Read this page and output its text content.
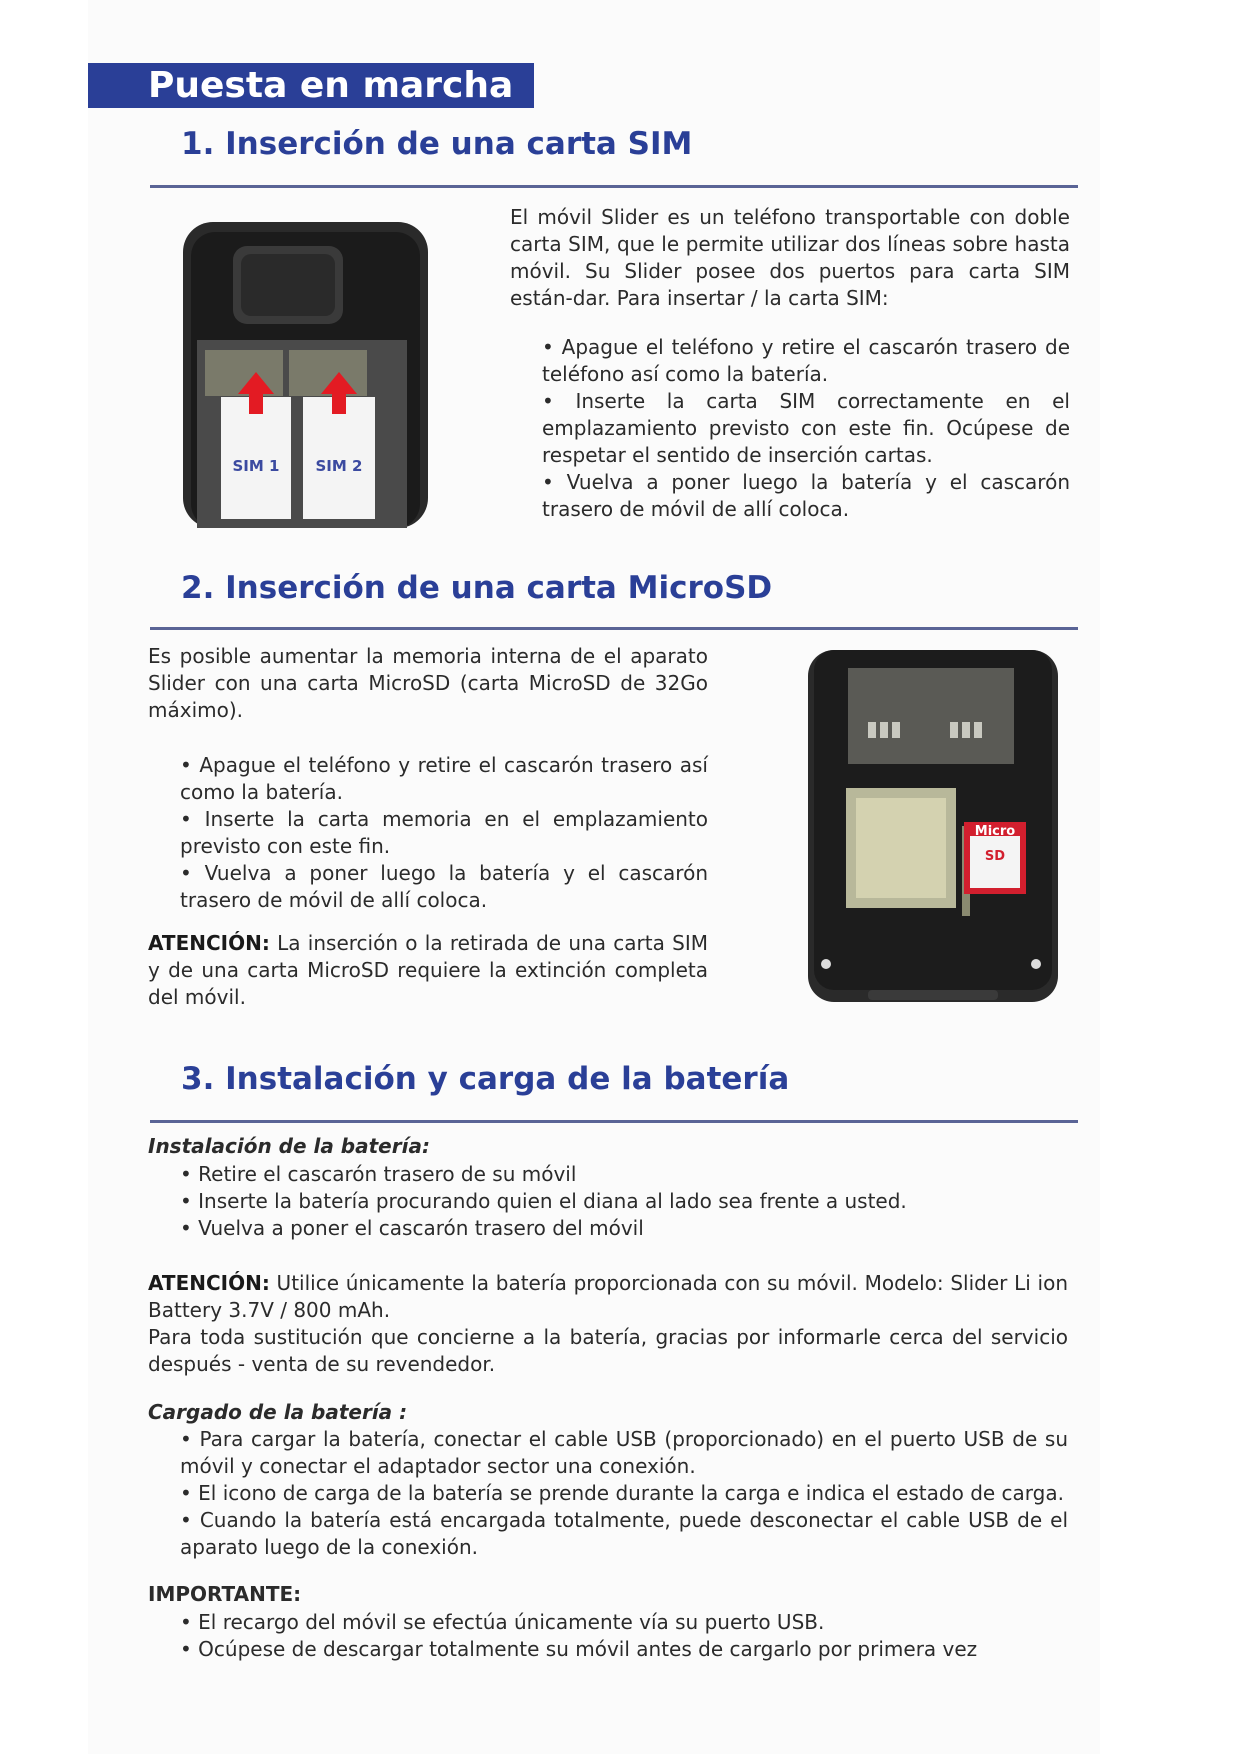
Puesta en marcha
1. Inserción de una carta SIM
SIM 1 SIM 2

El móvil Slider es un teléfono transportable con doble carta SIM, que le permite utilizar dos líneas sobre hasta móvil. Su Slider posee dos puertos para carta SIM están-dar. Para insertar / la carta SIM:

• Apague el teléfono y retire el cascarón trasero de teléfono así como la batería.
• Inserte la carta SIM correctamente en el emplazamiento previsto con este fin. Ocúpese de respetar el sentido de inserción cartas.
• Vuelva a poner luego la batería y el cascarón trasero de móvil de allí coloca.
2. Inserción de una carta MicroSD

Es posible aumentar la memoria interna de el aparato Slider con una carta MicroSD (carta MicroSD de 32Go máximo).

• Apague el teléfono y retire el cascarón trasero así como la batería.
• Inserte la carta memoria en el emplazamiento previsto con este fin.
• Vuelva a poner luego la batería y el cascarón trasero de móvil de allí coloca.

ATENCIÓN: La inserción o la retirada de una carta SIM y de una carta MicroSD requiere la extinción completa del móvil.

Micro
SD
3. Instalación y carga de la batería
Instalación de la batería:
• Retire el cascarón trasero de su móvil
• Inserte la batería procurando quien el diana al lado sea frente a usted.
• Vuelva a poner el cascarón trasero del móvil

ATENCIÓN: Utilice únicamente la batería proporcionada con su móvil. Modelo: Slider Li ion Battery 3.7V / 800 mAh.

Para toda sustitución que concierne a la batería, gracias por informarle cerca del servicio después - venta de su revendedor.

Cargado de la batería :
• Para cargar la batería, conectar el cable USB (proporcionado) en el puerto USB de su móvil y conectar el adaptador sector una conexión.
• El icono de carga de la batería se prende durante la carga e indica el estado de carga.
• Cuando la batería está encargada totalmente, puede desconectar el cable USB de el aparato luego de la conexión.
IMPORTANTE:
• El recargo del móvil se efectúa únicamente vía su puerto USB.
• Ocúpese de descargar totalmente su móvil antes de cargarlo por primera vez
